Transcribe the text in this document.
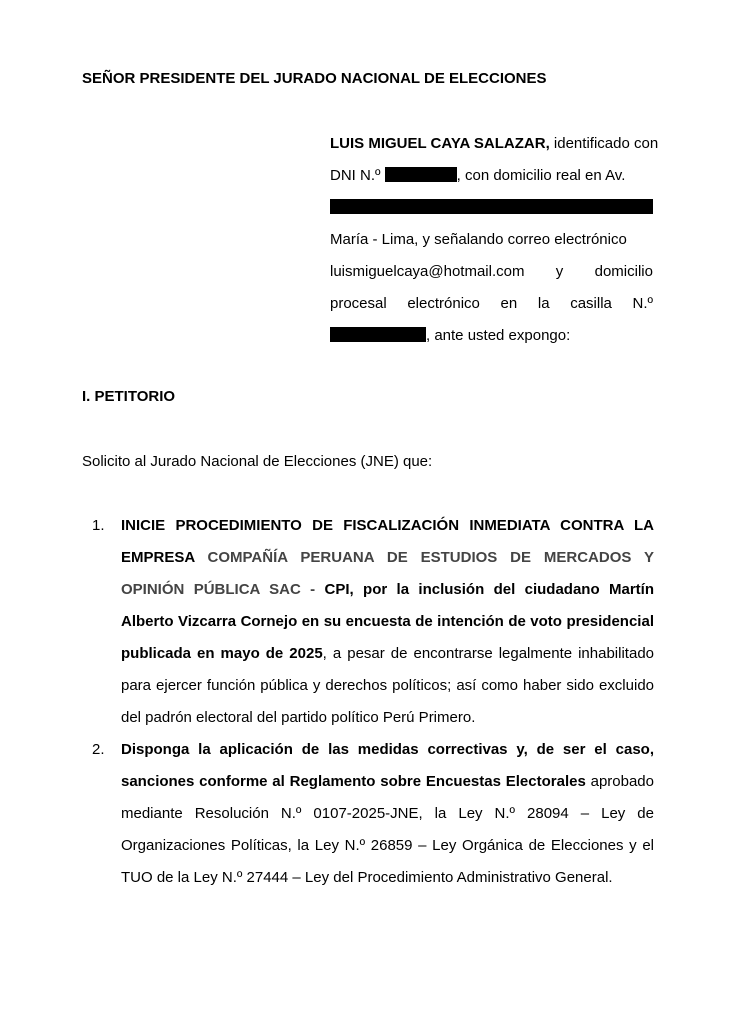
SEÑOR PRESIDENTE DEL JURADO NACIONAL DE ELECCIONES
LUIS MIGUEL CAYA SALAZAR, identificado con
DNI N.º	, con domicilio real en Av.
María - Lima, y señalando correo electrónico
luismiguelcaya@hotmail.com y domicilio
procesal electrónico en la casilla N.º
, ante usted expongo:
I. PETITORIO
Solicito al Jurado Nacional de Elecciones (JNE) que:
1. INICIE PROCEDIMIENTO DE FISCALIZACIÓN INMEDIATA CONTRA LA EMPRESA COMPAÑÍA PERUANA DE ESTUDIOS DE MERCADOS Y OPINIÓN PÚBLICA SAC - CPI, por la inclusión del ciudadano Martín Alberto Vizcarra Cornejo en su encuesta de intención de voto presidencial publicada en mayo de 2025, a pesar de encontrarse legalmente inhabilitado para ejercer función pública y derechos políticos; así como haber sido excluido del padrón electoral del partido político Perú Primero.
2. Disponga la aplicación de las medidas correctivas y, de ser el caso, sanciones conforme al Reglamento sobre Encuestas Electorales aprobado mediante Resolución N.º 0107-2025-JNE, la Ley N.º 28094 – Ley de Organizaciones Políticas, la Ley N.º 26859 – Ley Orgánica de Elecciones y el TUO de la Ley N.º 27444 – Ley del Procedimiento Administrativo General.
